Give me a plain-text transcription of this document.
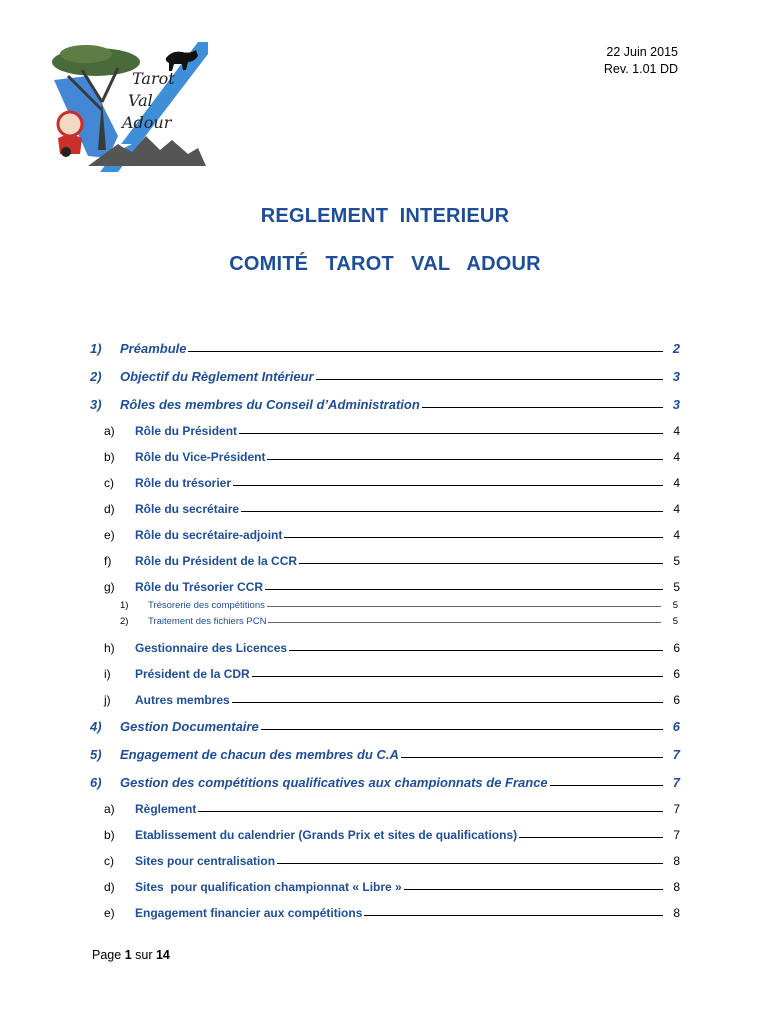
Tarot
Val
Adour
22 Juin 2015
Rev. 1.01 DD
REGLEMENT  INTERIEUR
COMITÉ   TAROT   VAL   ADOUR
1)	Préambule	2
2)	Objectif du Règlement Intérieur	3
3)	Rôles des membres du Conseil d’Administration	3
a)	Rôle du Président	4
b)	Rôle du Vice-Président	4
c)	Rôle du trésorier	4
d)	Rôle du secrétaire	4
e)	Rôle du secrétaire-adjoint	4
f)	Rôle du Président de la CCR	5
g)	Rôle du Trésorier CCR	5
1)	Trésorerie des compétitions	5
2)	Traitement des fichiers PCN	5
h)	Gestionnaire des Licences	6
i)	Président de la CDR	6
j)	Autres membres	6
4)	Gestion Documentaire	6
5)	Engagement de chacun des membres du C.A	7
6)	Gestion des compétitions qualificatives aux championnats de France	7
a)	Règlement	7
b)	Etablissement du calendrier (Grands Prix et sites de qualifications)	7
c)	Sites pour centralisation	8
d)	Sites  pour qualification championnat « Libre »	8
e)	Engagement financier aux compétitions	8
Page 1 sur 14
